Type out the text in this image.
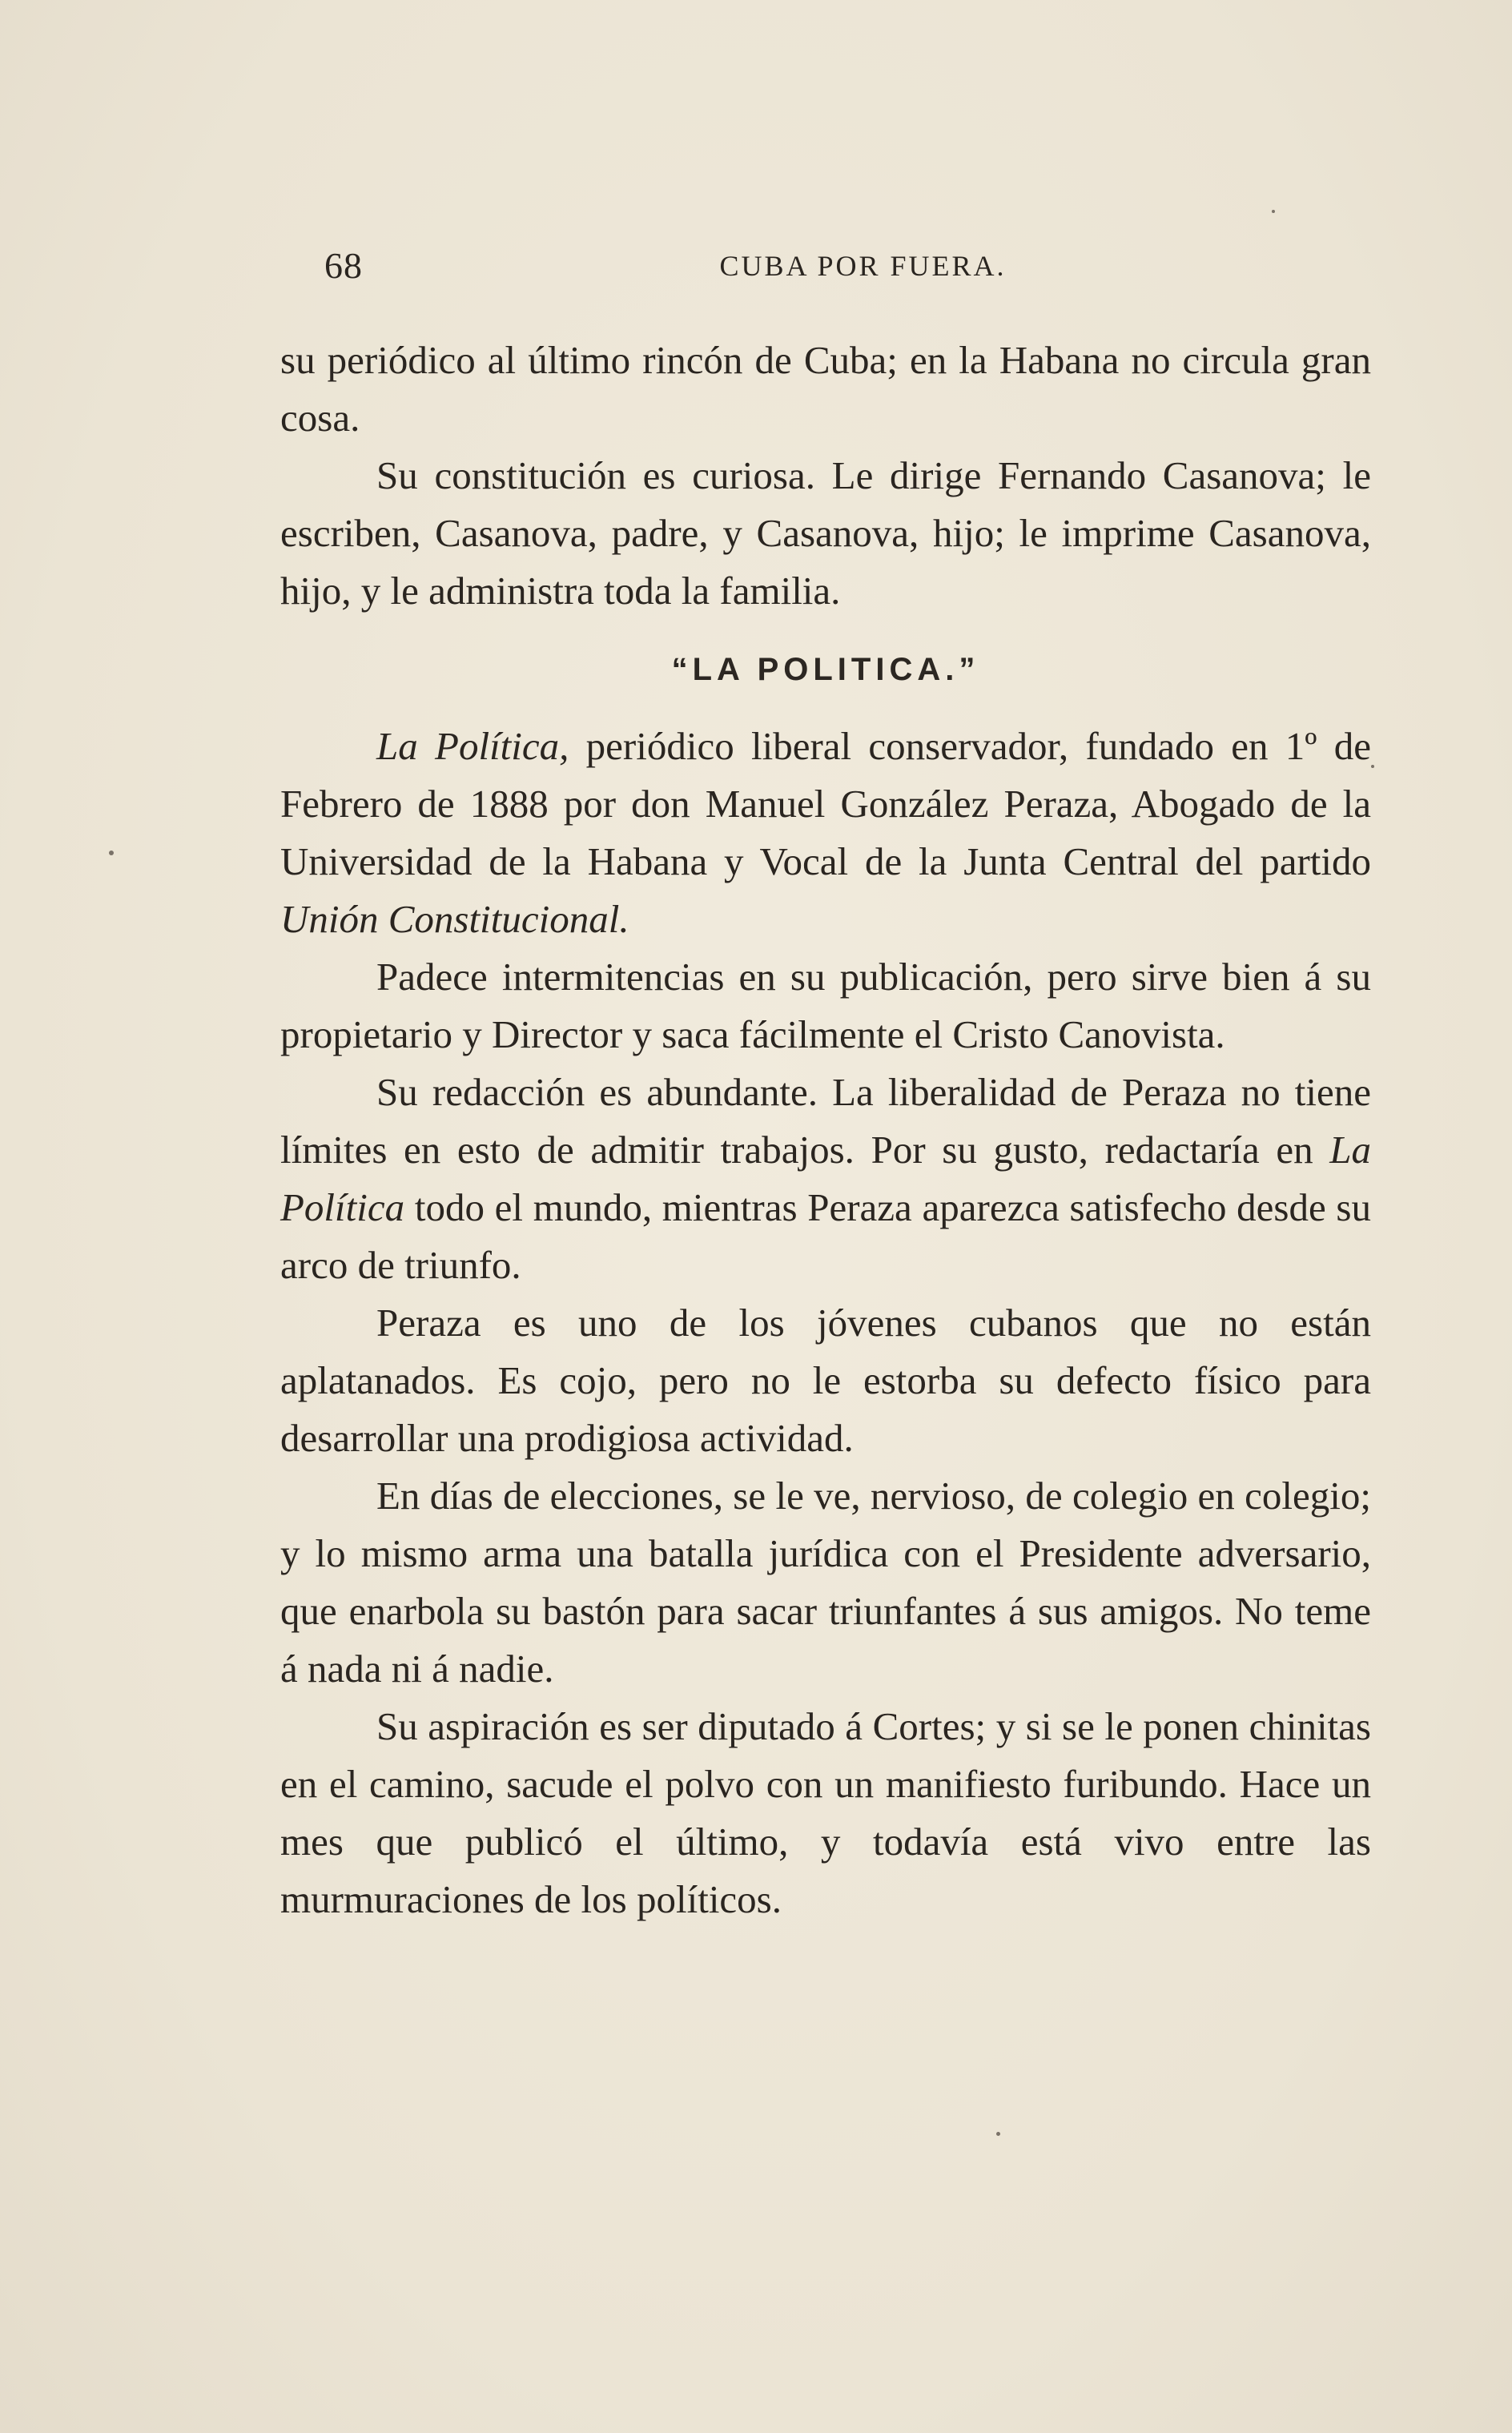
68	CUBA POR FUERA.

su periódico al último rincón de Cuba; en la Habana no circula gran cosa.

Su constitución es curiosa. Le dirige Fernando Casanova; le escriben, Casanova, padre, y Casanova, hijo; le imprime Casanova, hijo, y le administra toda la familia.

“LA POLITICA.”

La Política, periódico liberal conservador, fundado en 1º de Febrero de 1888 por don Manuel González Peraza, Abogado de la Universidad de la Habana y Vocal de la Junta Central del partido Unión Constitucional.

Padece intermitencias en su publicación, pero sirve bien á su propietario y Director y saca fácilmente el Cristo Canovista.

Su redacción es abundante. La liberalidad de Peraza no tiene límites en esto de admitir trabajos. Por su gusto, redactaría en La Política todo el mundo, mientras Peraza aparezca satisfecho desde su arco de triunfo.

Peraza es uno de los jóvenes cubanos que no están aplatanados. Es cojo, pero no le estorba su defecto físico para desarrollar una prodigiosa actividad.

En días de elecciones, se le ve, nervioso, de colegio en colegio; y lo mismo arma una batalla jurídica con el Presidente adversario, que enarbola su bastón para sacar triunfantes á sus amigos. No teme á nada ni á nadie.

Su aspiración es ser diputado á Cortes; y si se le ponen chinitas en el camino, sacude el polvo con un manifiesto furibundo. Hace un mes que publicó el último, y todavía está vivo entre las murmuraciones de los políticos.
